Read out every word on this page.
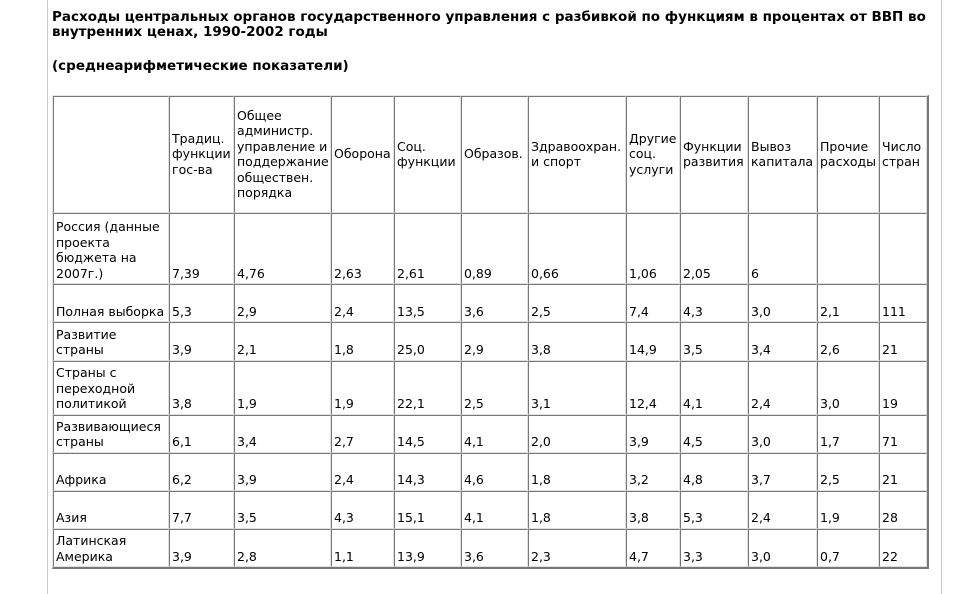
Расходы центральных органов государственного управления с разбивкой по функциям в процентах от ВВП во внутренних ценах, 1990-2002 годы
(среднеарифметические показатели)
	Традиц. функции гос-ва	Общее администр. управление и поддержание обществен. порядка	Оборона	Соц. функции	Образов.	Здравоохран. и спорт	Другие соц. услуги	Функции развития	Вывоз капитала	Прочие расходы	Число стран
Россия (данные проекта бюджета на 2007г.)	7,39	4,76	2,63	2,61	0,89	0,66	1,06	2,05	6		
Полная выборка	5,3	2,9	2,4	13,5	3,6	2,5	7,4	4,3	3,0	2,1	111
Развитие страны	3,9	2,1	1,8	25,0	2,9	3,8	14,9	3,5	3,4	2,6	21
Страны с переходной политикой	3,8	1,9	1,9	22,1	2,5	3,1	12,4	4,1	2,4	3,0	19
Развивающиеся страны	6,1	3,4	2,7	14,5	4,1	2,0	3,9	4,5	3,0	1,7	71
Африка	6,2	3,9	2,4	14,3	4,6	1,8	3,2	4,8	3,7	2,5	21
Азия	7,7	3,5	4,3	15,1	4,1	1,8	3,8	5,3	2,4	1,9	28
Латинская Америка	3,9	2,8	1,1	13,9	3,6	2,3	4,7	3,3	3,0	0,7	22
